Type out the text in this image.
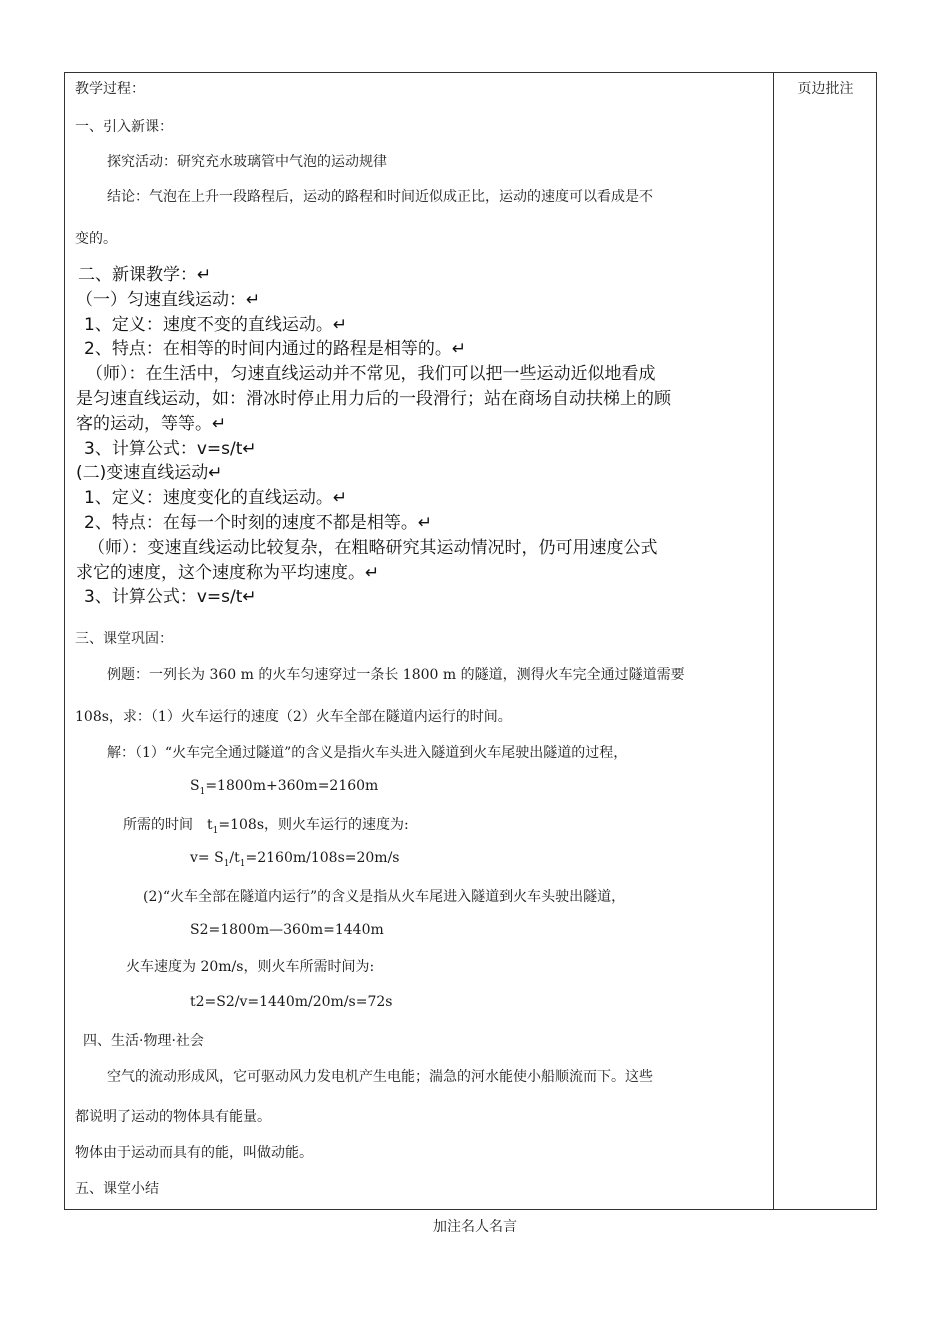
教学过程：	页边批注
一、引入新课：
探究活动：研究充水玻璃管中气泡的运动规律
结论：气泡在上升一段路程后，运动的路程和时间近似成正比，运动的速度可以看成是不
变的。
二、新课教学：↵
（一）匀速直线运动：↵
1、定义：速度不变的直线运动。↵
2、特点：在相等的时间内通过的路程是相等的。↵
（师）：在生活中，匀速直线运动并不常见，我们可以把一些运动近似地看成
是匀速直线运动，如：滑冰时停止用力后的一段滑行；站在商场自动扶梯上的顾
客的运动，等等。↵
3、计算公式：v=s/t↵
(二)变速直线运动↵
1、定义：速度变化的直线运动。↵
2、特点：在每一个时刻的速度不都是相等。↵
（师）：变速直线运动比较复杂，在粗略研究其运动情况时，仍可用速度公式
求它的速度，这个速度称为平均速度。↵
3、计算公式：v=s/t↵
三、课堂巩固：
例题：一列长为 360 m 的火车匀速穿过一条长 1800 m 的隧道，测得火车完全通过隧道需要
108s，求：（1）火车运行的速度（2）火车全部在隧道内运行的时间。
解：（1）“火车完全通过隧道”的含义是指火车头进入隧道到火车尾驶出隧道的过程，
$S_1=1800m+360m=2160m$
所需的时间　$t_1=108s$，则火车运行的速度为:
$v= S_1/t_1=2160m/108s=20m/s$
(2)“火车全部在隧道内运行”的含义是指从火车尾进入隧道到火车头驶出隧道，
S2=1800m—360m=1440m
火车速度为 20m/s，则火车所需时间为:
t2=S2/v=1440m/20m/s=72s
四、生活·物理·社会
空气的流动形成风，它可驱动风力发电机产生电能；湍急的河水能使小船顺流而下。这些
都说明了运动的物体具有能量。
物体由于运动而具有的能，叫做动能。
五、课堂小结
加注名人名言
